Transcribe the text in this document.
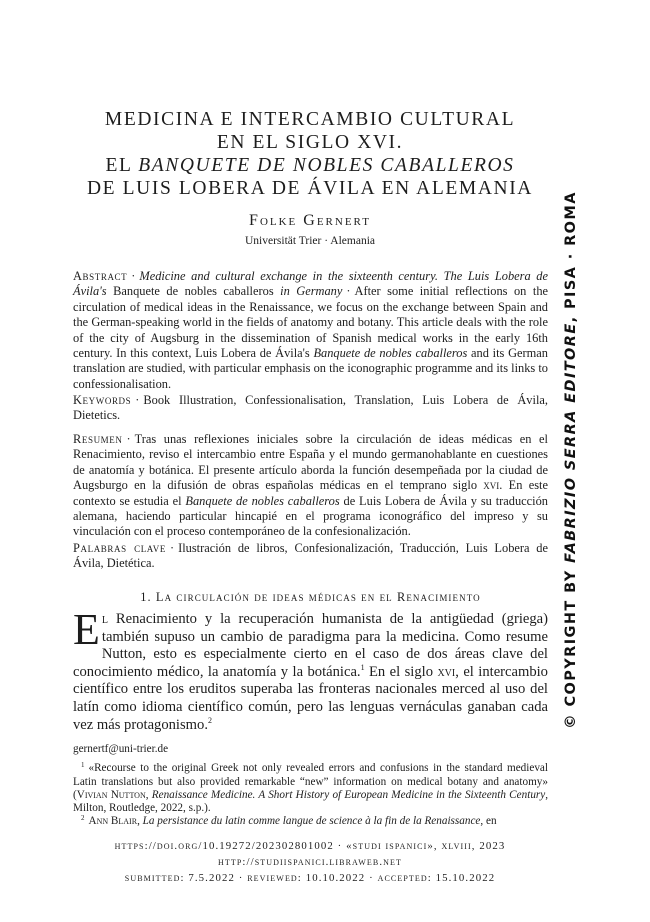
MEDICINA E INTERCAMBIO CULTURAL
EN EL SIGLO XVI.
EL BANQUETE DE NOBLES CABALLEROS
DE LUIS LOBERA DE ÁVILA EN ALEMANIA
Folke Gernert
Universität Trier · Alemania
Abstract · Medicine and cultural exchange in the sixteenth century. The Luis Lobera de Ávila's Banquete de nobles caballeros in Germany · After some initial reflections on the circulation of medical ideas in the Renaissance, we focus on the exchange between Spain and the German-speaking world in the fields of anatomy and botany. This article deals with the role of the city of Augsburg in the dissemination of Spanish medical works in the early 16th century. In this context, Luis Lobera de Ávila's Banquete de nobles caballeros and its German translation are studied, with particular emphasis on the iconographic programme and its links to confessionalisation.
Keywords · Book Illustration, Confessionalisation, Translation, Luis Lobera de Ávila, Dietetics.
Resumen · Tras unas reflexiones iniciales sobre la circulación de ideas médicas en el Renacimiento, reviso el intercambio entre España y el mundo germanohablante en cuestiones de anatomía y botánica. El presente artículo aborda la función desempeñada por la ciudad de Augsburgo en la difusión de obras españolas médicas en el temprano siglo xvi. En este contexto se estudia el Banquete de nobles caballeros de Luis Lobera de Ávila y su traducción alemana, haciendo particular hincapié en el programa iconográfico del impreso y su vinculación con el proceso contemporáneo de la confesionalización.
Palabras clave · Ilustración de libros, Confesionalización, Traducción, Luis Lobera de Ávila, Dietética.
1. La circulación de ideas médicas en el Renacimiento
El Renacimiento y la recuperación humanista de la antigüedad (griega) también supuso un cambio de paradigma para la medicina. Como resume Nutton, esto es especialmente cierto en el caso de dos áreas clave del conocimiento médico, la anatomía y la botánica.$^1$ En el siglo xvi, el intercambio científico entre los eruditos superaba las fronteras nacionales merced al uso del latín como idioma científico común, pero las lenguas vernáculas ganaban cada vez más protagonismo.$^2$
gernertf@uni-trier.de

$^1$ «Recourse to the original Greek not only revealed errors and confusions in the standard medieval Latin translations but also provided remarkable “new” information on medical botany and anatomy» (Vivian Nutton, Renaissance Medicine. A Short History of European Medicine in the Sixteenth Century, Milton, Routledge, 2022, s.p.).

$^2$ Ann Blair, La persistance du latin comme langue de science à la fin de la Renaissance, en

https://doi.org/10.19272/202302801002 · «studi ispanici», xlviii, 2023
http://studiispanici.libraweb.net
submitted: 7.5.2022 · reviewed: 10.10.2022 · accepted: 15.10.2022
© COPYRIGHT BY FABRIZIO SERRA EDITORE, PISA · ROMA
